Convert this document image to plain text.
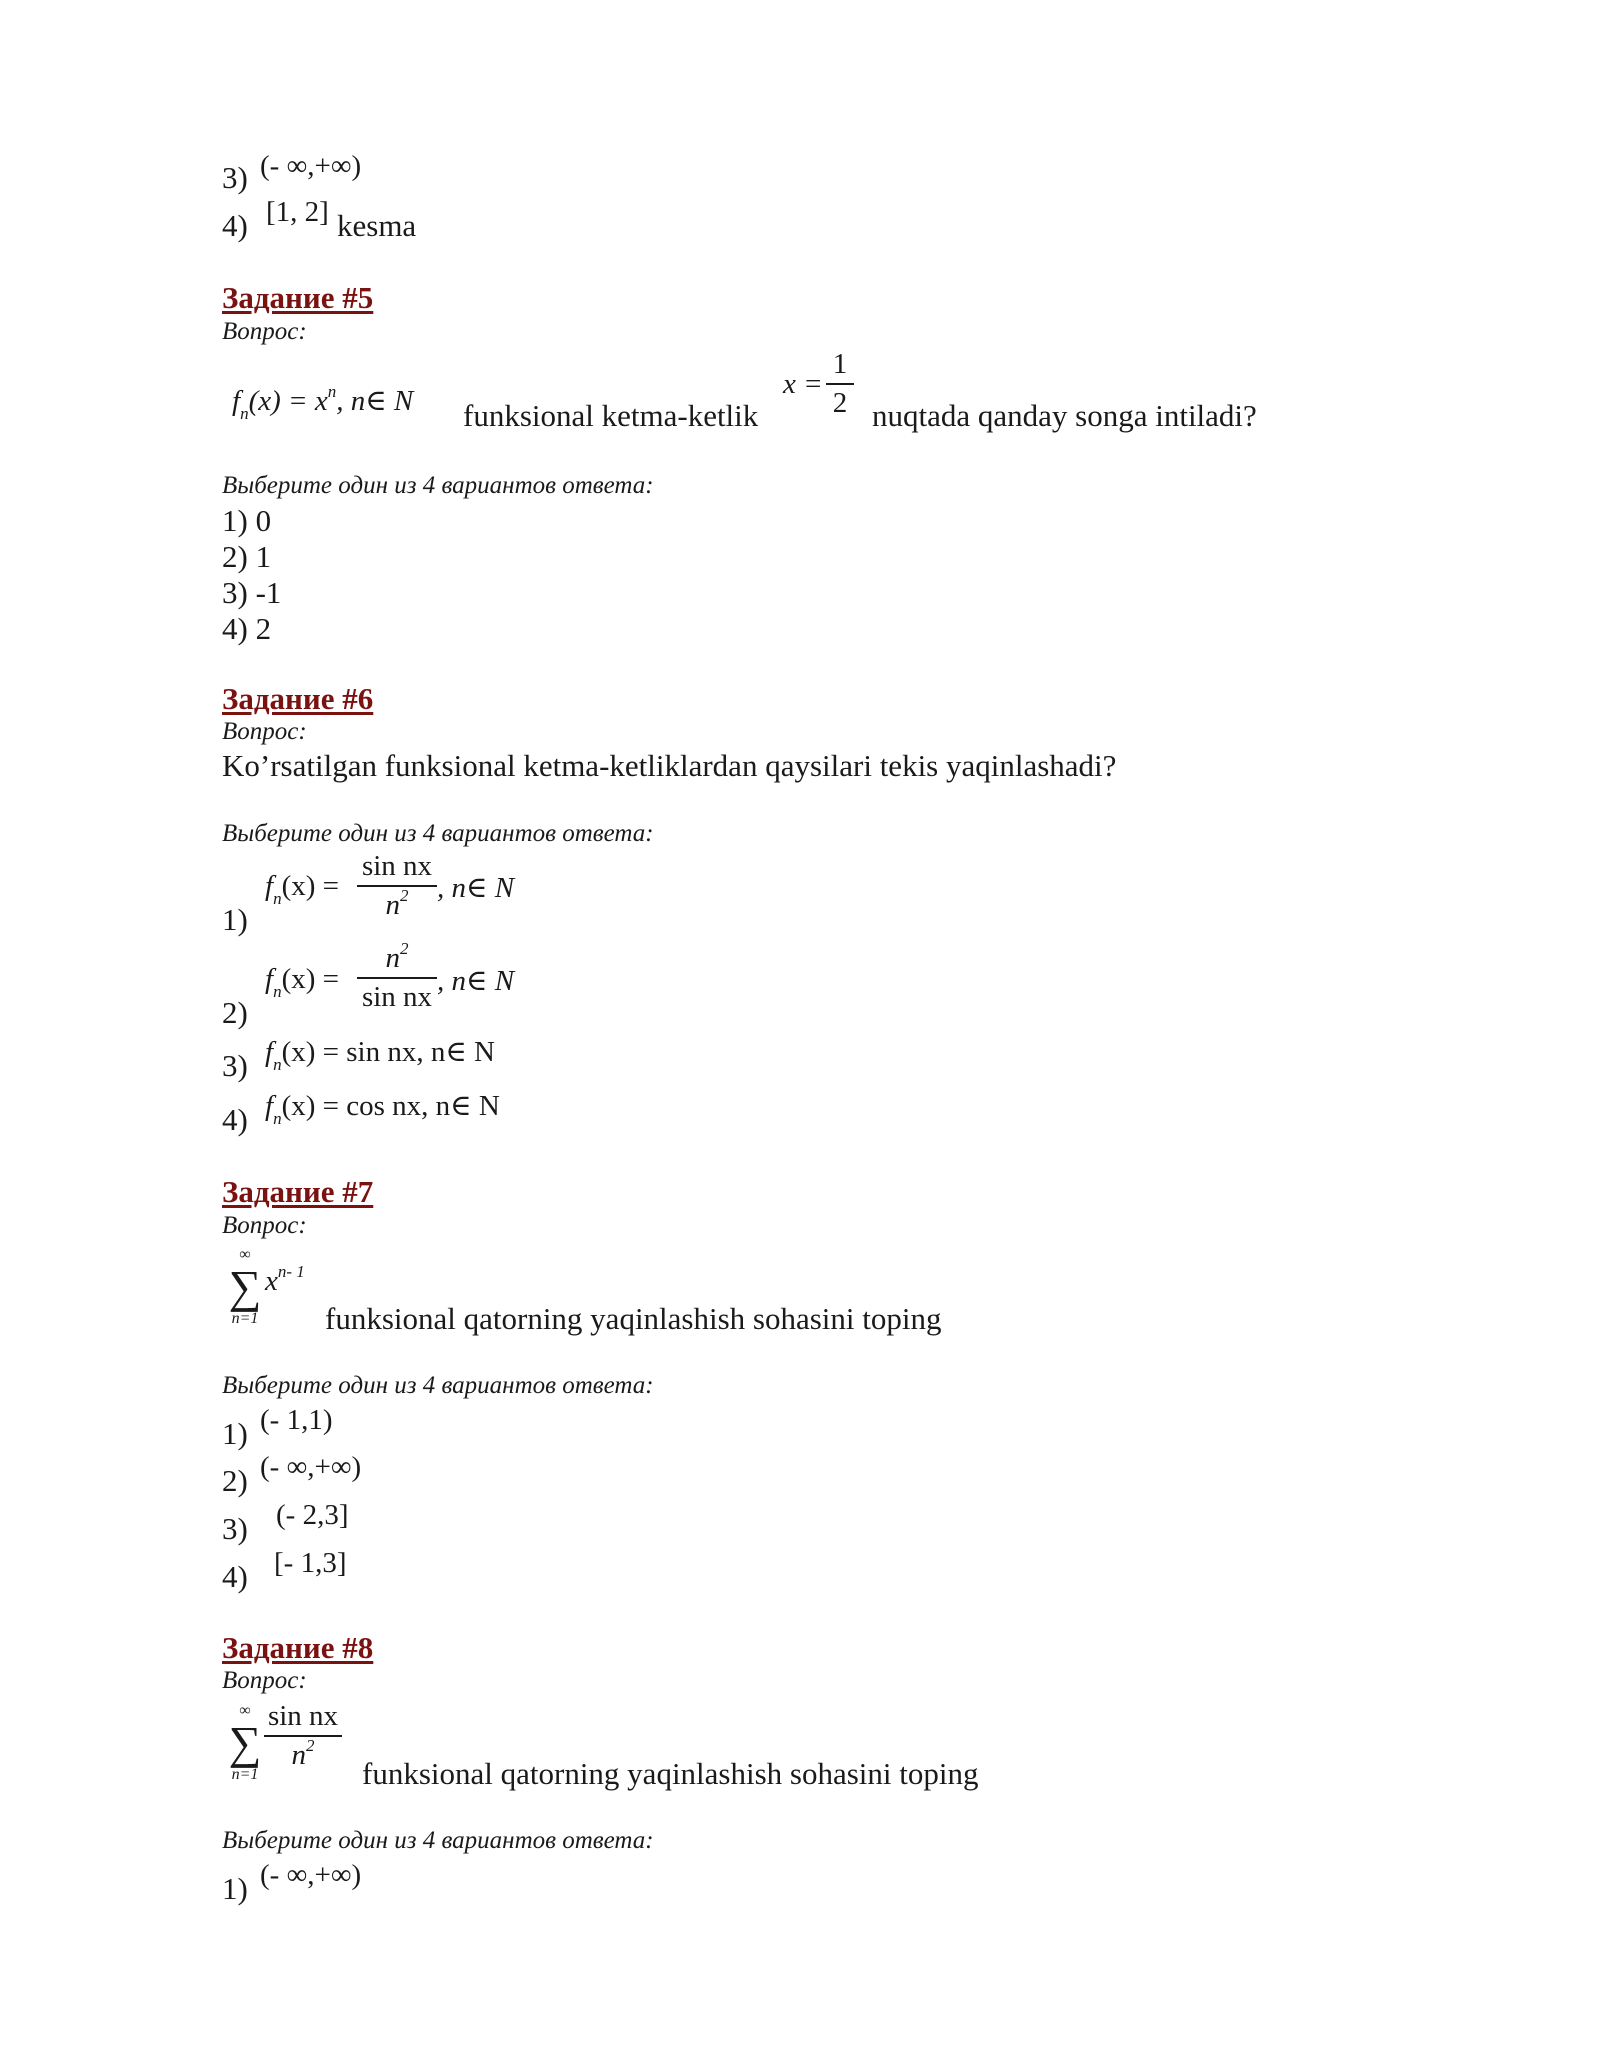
3) (- ∞,+∞)
4) [1, 2] kesma
Задание #5
Вопрос:
$f_n(x) = x^n$, n∈ N funksional ketma-ketlik
x =
1
2 nuqtada qanday songa intiladi?
Выберите один из 4 вариантов ответа:
1) 0
2) 1
3) -1
4) 2
Задание #6
Вопрос:
Ko’rsatilgan funksional ketma-ketliklardan qaysilari tekis yaqinlashadi?
Выберите один из 4 вариантов ответа:
1)
$f_n(x)$ =
sin nx
$n^2$ , n∈ N
2)
$f_n(x)$ =
$n^2$
sin nx , n∈ N
3) $f_n(x) = \sin$ nx, n∈ N
4) $f_n(x) = \cos$ nx, n∈ N
Задание #7
Вопрос:
∞
∑
n=1
$x^{n- 1}$
funksional qatorning yaqinlashish sohasini toping
Выберите один из 4 вариантов ответа:
1) (- 1,1)
2) (- ∞,+∞)
3) (- 2,3]
4) [- 1,3]
Задание #8
Вопрос:
∞
∑
n=1
sin nx
$n^2$
funksional qatorning yaqinlashish sohasini toping
Выберите один из 4 вариантов ответа:
1) (- ∞,+∞)
